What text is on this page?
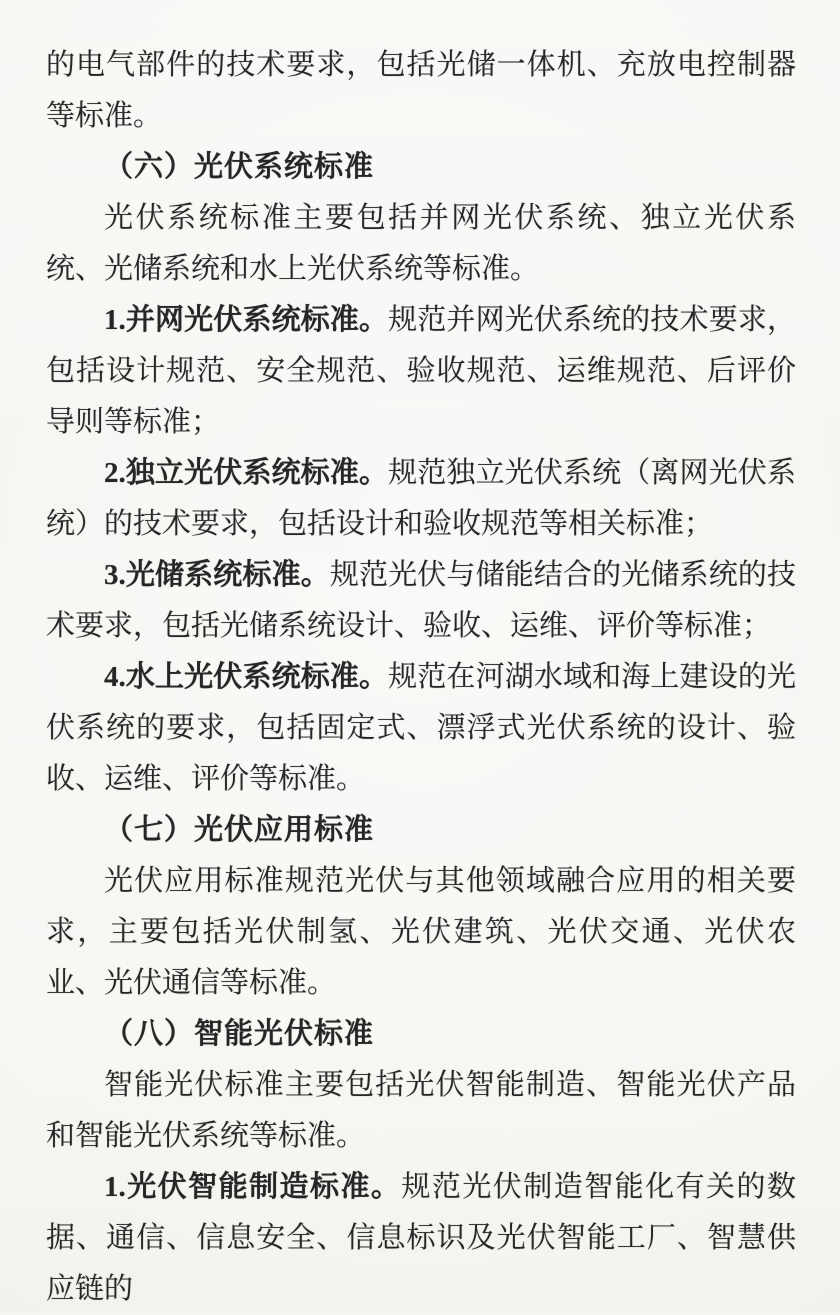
的电气部件的技术要求，包括光储一体机、充放电控制器等标准。

（六）光伏系统标准

光伏系统标准主要包括并网光伏系统、独立光伏系统、光储系统和水上光伏系统等标准。

1.并网光伏系统标准。规范并网光伏系统的技术要求，包括设计规范、安全规范、验收规范、运维规范、后评价导则等标准；

2.独立光伏系统标准。规范独立光伏系统（离网光伏系统）的技术要求，包括设计和验收规范等相关标准；

3.光储系统标准。规范光伏与储能结合的光储系统的技术要求，包括光储系统设计、验收、运维、评价等标准；

4.水上光伏系统标准。规范在河湖水域和海上建设的光伏系统的要求，包括固定式、漂浮式光伏系统的设计、验收、运维、评价等标准。

（七）光伏应用标准

光伏应用标准规范光伏与其他领域融合应用的相关要求，主要包括光伏制氢、光伏建筑、光伏交通、光伏农业、光伏通信等标准。

（八）智能光伏标准

智能光伏标准主要包括光伏智能制造、智能光伏产品和智能光伏系统等标准。

1.光伏智能制造标准。规范光伏制造智能化有关的数据、通信、信息安全、信息标识及光伏智能工厂、智慧供应链的
